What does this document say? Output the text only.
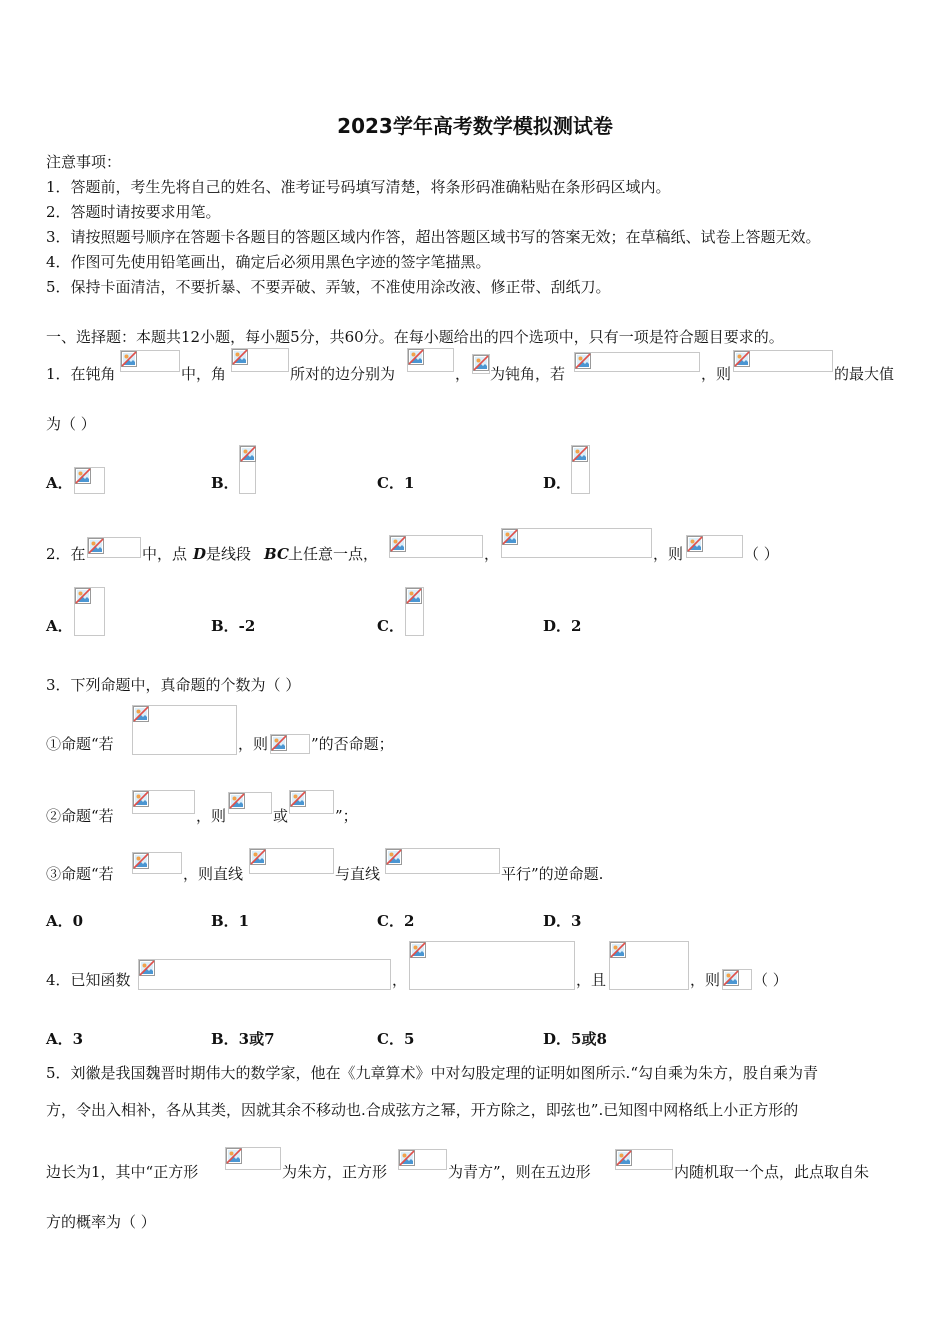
2023学年高考数学模拟测试卷
注意事项：
1．答题前，考生先将自己的姓名、准考证号码填写清楚，将条形码准确粘贴在条形码区域内。
2．答题时请按要求用笔。
3．请按照题号顺序在答题卡各题目的答题区域内作答，超出答题区域书写的答案无效；在草稿纸、试卷上答题无效。
4．作图可先使用铅笔画出，确定后必须用黑色字迹的签字笔描黑。
5．保持卡面清洁，不要折暴、不要弄破、弄皱，不准使用涂改液、修正带、刮纸刀。
一、选择题：本题共12小题，每小题5分，共60分。在每小题给出的四个选项中，只有一项是符合题目要求的。
1．在钝角	中，角	所对的边分别为	， 为钝角，若	，则	的最大值
为（ ）
A．	B．	C．1	D．
2．在	中，点 D 是线段 BC 上任意一点，	，	，则	（ ）
A．	B．-2	C．	D．2
3．下列命题中，真命题的个数为（ ）
①命题“若	，则	”的否命题；
②命题“若	，则	或	”；
③命题“若	，则直线	与直线	平行”的逆命题.
A．0	B．1	C．2	D．3
4．已知函数	，	，且	，则 （ ）
A．3	B．3或7	C．5	D．5或8
5．刘徽是我国魏晋时期伟大的数学家，他在《九章算术》中对勾股定理的证明如图所示.“勾自乘为朱方，股自乘为青
方，令出入相补，各从其类，因就其余不移动也.合成弦方之幂，开方除之，即弦也”.已知图中网格纸上小正方形的
边长为1，其中“正方形	为朱方，正方形	为青方”，则在五边形	内随机取一个点，此点取自朱
方的概率为（ ）
